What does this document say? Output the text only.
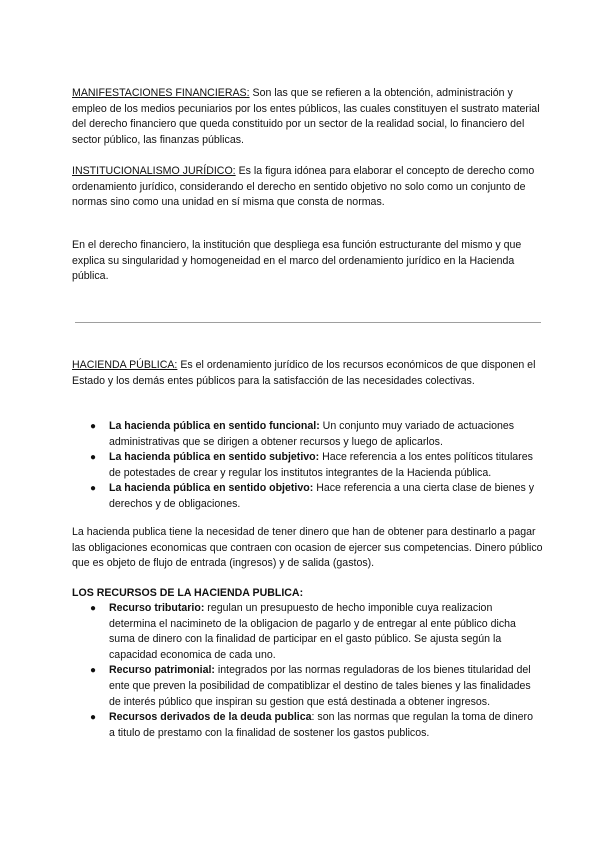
MANIFESTACIONES FINANCIERAS: Son las que se refieren a la obtención, administración y empleo de los medios pecuniarios por los entes públicos, las cuales constituyen el sustrato material del derecho financiero que queda constituido por un sector de la realidad social, lo financiero del sector público, las finanzas públicas.

INSTITUCIONALISMO JURÍDICO: Es la figura idónea para elaborar el concepto de derecho como ordenamiento jurídico, considerando el derecho en sentido objetivo no solo como un conjunto de normas sino como una unidad en sí misma que consta de normas.

En el derecho financiero, la institución que despliega esa función estructurante del mismo y que explica su singularidad y homogeneidad en el marco del ordenamiento jurídico en la Hacienda pública.

HACIENDA PÚBLICA: Es el ordenamiento jurídico de los recursos económicos de que disponen el Estado y los demás entes públicos para la satisfacción de las necesidades colectivas.

● La hacienda pública en sentido funcional: Un conjunto muy variado de actuaciones administrativas que se dirigen a obtener recursos y luego de aplicarlos.
● La hacienda pública en sentido subjetivo: Hace referencia a los entes políticos titulares de potestades de crear y regular los institutos integrantes de la Hacienda pública.
● La hacienda pública en sentido objetivo: Hace referencia a una cierta clase de bienes y derechos y de obligaciones.

La hacienda publica tiene la necesidad de tener dinero que han de obtener para destinarlo a pagar las obligaciones economicas que contraen con ocasion de ejercer sus competencias. Dinero público que es objeto de flujo de entrada (ingresos) y de salida (gastos).

LOS RECURSOS DE LA HACIENDA PUBLICA:

● Recurso tributario: regulan un presupuesto de hecho imponible cuya realizacion determina el nacimineto de la obligacion de pagarlo y de entregar al ente público dicha suma de dinero con la finalidad de participar en el gasto público. Se ajusta según la capacidad economica de cada uno.
● Recurso patrimonial: integrados por las normas reguladoras de los bienes titularidad del ente que preven la posibilidad de compatiblizar el destino de tales bienes y las finalidades de interés público que inspiran su gestion que está destinada a obtener ingresos.
● Recursos derivados de la deuda publica: son las normas que regulan la toma de dinero a titulo de prestamo con la finalidad de sostener los gastos publicos.
